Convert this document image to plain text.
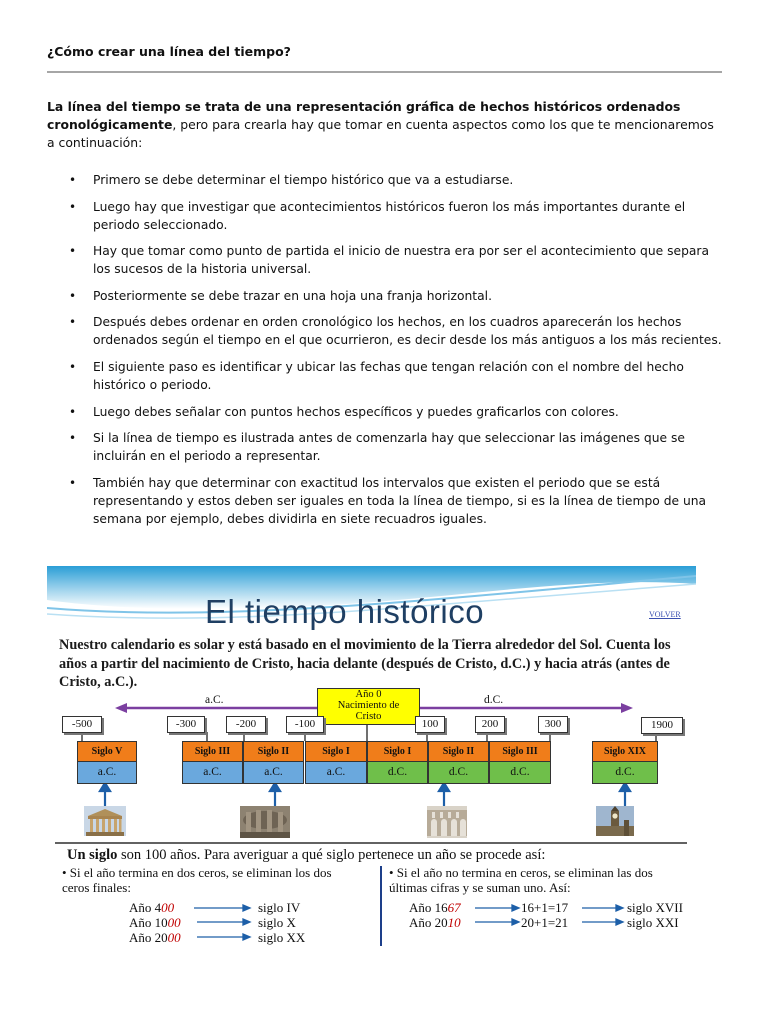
¿Cómo crear una línea del tiempo?
La línea del tiempo se trata de una representación gráfica de hechos históricos ordenados cronológicamente, pero para crearla hay que tomar en cuenta aspectos como los que te mencionaremos a continuación:
• Primero se debe determinar el tiempo histórico que va a estudiarse.
• Luego hay que investigar que acontecimientos históricos fueron los más importantes durante el periodo seleccionado.
• Hay que tomar como punto de partida el inicio de nuestra era por ser el acontecimiento que separa los sucesos de la historia universal.
• Posteriormente se debe trazar en una hoja una franja horizontal.
• Después debes ordenar en orden cronológico los hechos, en los cuadros aparecerán los hechos ordenados según el tiempo en el que ocurrieron, es decir desde los más antiguos a los más recientes.
• El siguiente paso es identificar y ubicar las fechas que tengan relación con el nombre del hecho histórico o periodo.
• Luego debes señalar con puntos hechos específicos y puedes graficarlos con colores.
• Si la línea de tiempo es ilustrada antes de comenzarla hay que seleccionar las imágenes que se incluirán en el periodo a representar.
• También hay que determinar con exactitud los intervalos que existen el periodo que se está representando y estos deben ser iguales en toda la línea de tiempo, si es la línea de tiempo de una semana por ejemplo, debes dividirla en siete recuadros iguales.
El tiempo histórico	VOLVER
Nuestro calendario es solar y está basado en el movimiento de la Tierra alrededor del Sol. Cuenta los años a partir del nacimiento de Cristo, hacia delante (después de Cristo, d.C.) y hacia atrás (antes de Cristo, a.C.).
a.C.	d.C.
Año 0
Nacimiento de
Cristo
-500	-300	-200	-100	100	200	300	1900
Siglo V	Siglo III	Siglo II	Siglo I	Siglo I	Siglo II	Siglo III	Siglo XIX
a.C.	a.C.	a.C.	a.C.	d.C.	d.C.	d.C.	d.C.
Un siglo son 100 años. Para averiguar a qué siglo pertenece un año se procede así:
• Si el año termina en dos ceros, se eliminan los dos ceros finales:
• Si el año no termina en ceros, se eliminan las dos últimas cifras y se suman uno. Así:
Año 400	siglo IV
Año 1000	siglo X
Año 2000	siglo XX
Año 1667	16+1=17	siglo XVII
Año 2010	20+1=21	siglo XXI
